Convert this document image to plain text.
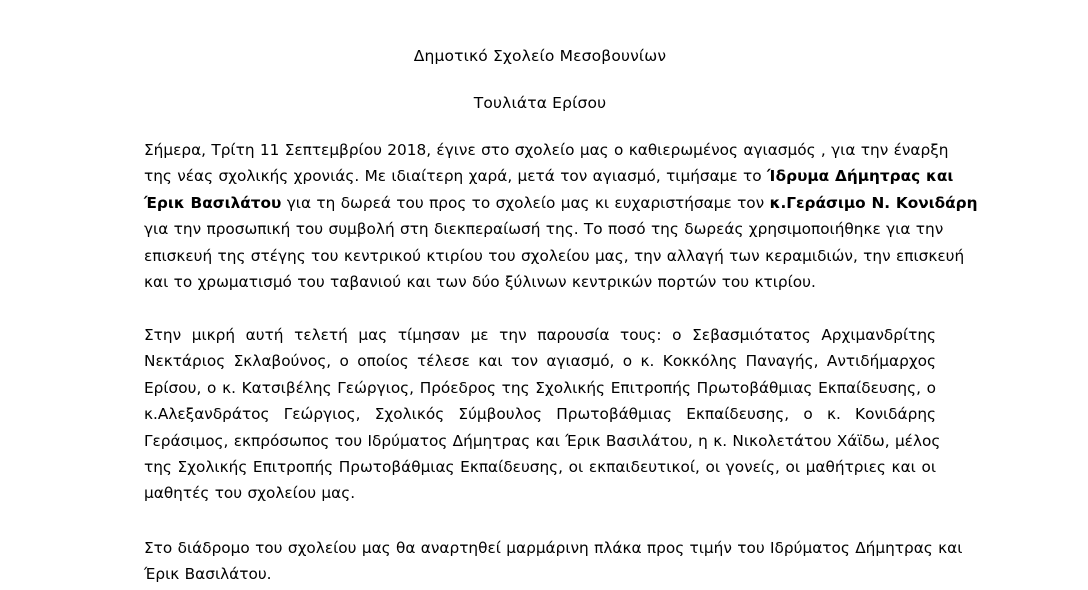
Δημοτικό Σχολείο Μεσοβουνίων
Τουλιάτα Ερίσου
Σήμερα, Τρίτη 11 Σεπτεμβρίου 2018, έγινε στο σχολείο μας ο καθιερωμένος αγιασμός , για την έναρξη
της νέας σχολικής χρονιάς. Με ιδιαίτερη χαρά, μετά τον αγιασμό, τιμήσαμε το Ίδρυμα Δήμητρας και
Έρικ Βασιλάτου για τη δωρεά του προς το σχολείο μας κι ευχαριστήσαμε τον κ.Γεράσιμο Ν. Κονιδάρη
για την προσωπική του συμβολή στη διεκπεραίωσή της. Το ποσό της δωρεάς χρησιμοποιήθηκε για την
επισκευή της στέγης του κεντρικού κτιρίου του σχολείου μας, την αλλαγή των κεραμιδιών, την επισκευή
και το χρωματισμό του ταβανιού και των δύο ξύλινων κεντρικών πορτών του κτιρίου.
Στην μικρή αυτή τελετή μας τίμησαν με την παρουσία τους: ο Σεβασμιότατος Αρχιμανδρίτης
Νεκτάριος Σκλαβούνος, ο οποίος τέλεσε και τον αγιασμό, ο κ. Κοκκόλης Παναγής, Αντιδήμαρχος
Ερίσου, ο κ. Κατσιβέλης Γεώργιος, Πρόεδρος της Σχολικής Επιτροπής Πρωτοβάθμιας Εκπαίδευσης, ο
κ.Αλεξανδράτος Γεώργιος, Σχολικός Σύμβουλος Πρωτοβάθμιας Εκπαίδευσης, ο κ. Κονιδάρης
Γεράσιμος, εκπρόσωπος του Ιδρύματος Δήμητρας και Έρικ Βασιλάτου, η κ. Νικολετάτου Χάϊδω, μέλος
της Σχολικής Επιτροπής Πρωτοβάθμιας Εκπαίδευσης, οι εκπαιδευτικοί, οι γονείς, οι μαθήτριες και οι
μαθητές του σχολείου μας.
Στο διάδρομο του σχολείου μας θα αναρτηθεί μαρμάρινη πλάκα προς τιμήν του Ιδρύματος Δήμητρας και
Έρικ Βασιλάτου.
